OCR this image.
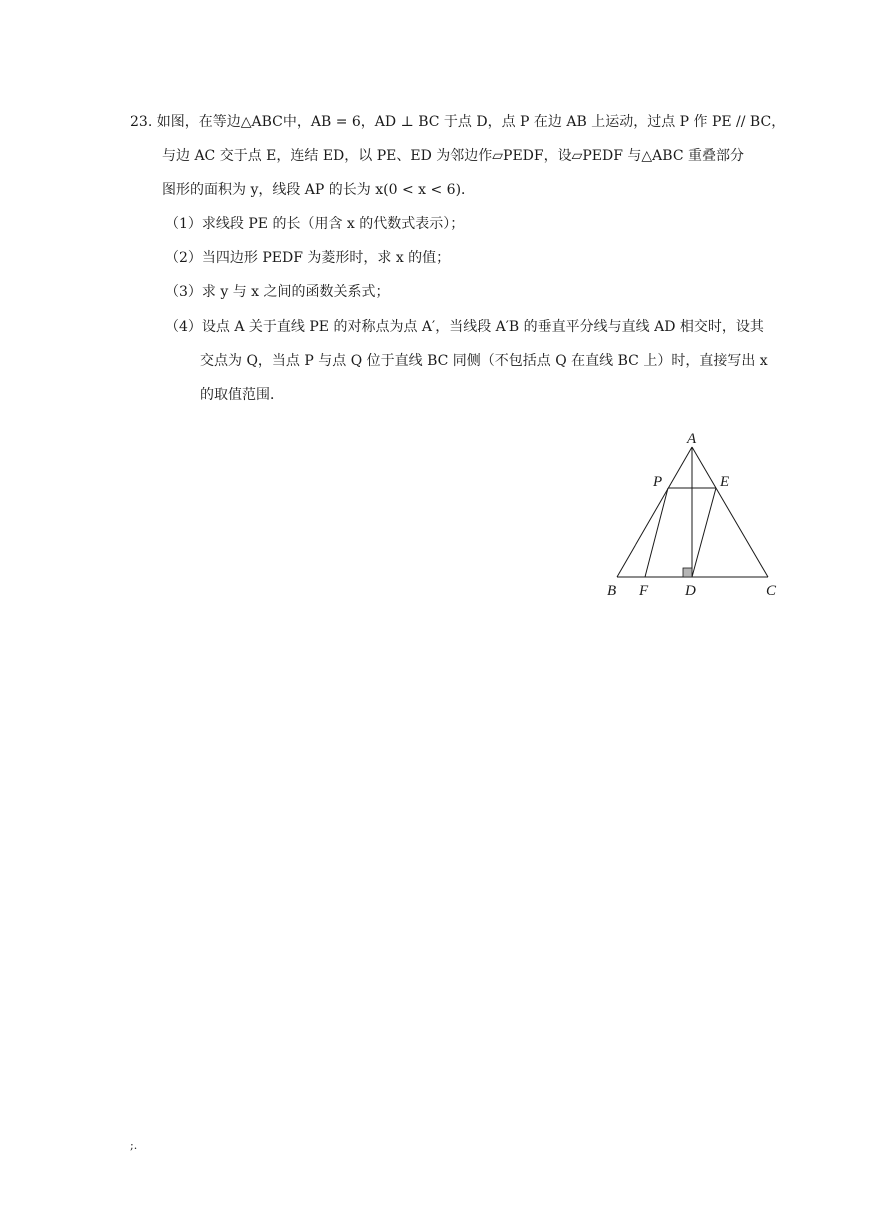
23. 如图，在等边△ABC中，AB = 6，AD ⊥ BC 于点 D，点 P 在边 AB 上运动，过点 P 作 PE // BC，
与边 AC 交于点 E，连结 ED，以 PE、ED 为邻边作▱PEDF，设▱PEDF 与△ABC 重叠部分
图形的面积为 y，线段 AP 的长为 x(0 < x < 6)．
（1）求线段 PE 的长（用含 x 的代数式表示）；
（2）当四边形 PEDF 为菱形时，求 x 的值；
（3）求 y 与 x 之间的函数关系式；
（4）设点 A 关于直线 PE 的对称点为点 A′，当线段 A′B 的垂直平分线与直线 AD 相交时，设其
交点为 Q，当点 P 与点 Q 位于直线 BC 同侧（不包括点 Q 在直线 BC 上）时，直接写出 x
的取值范围．
A
P	E
B F D	C
;.
